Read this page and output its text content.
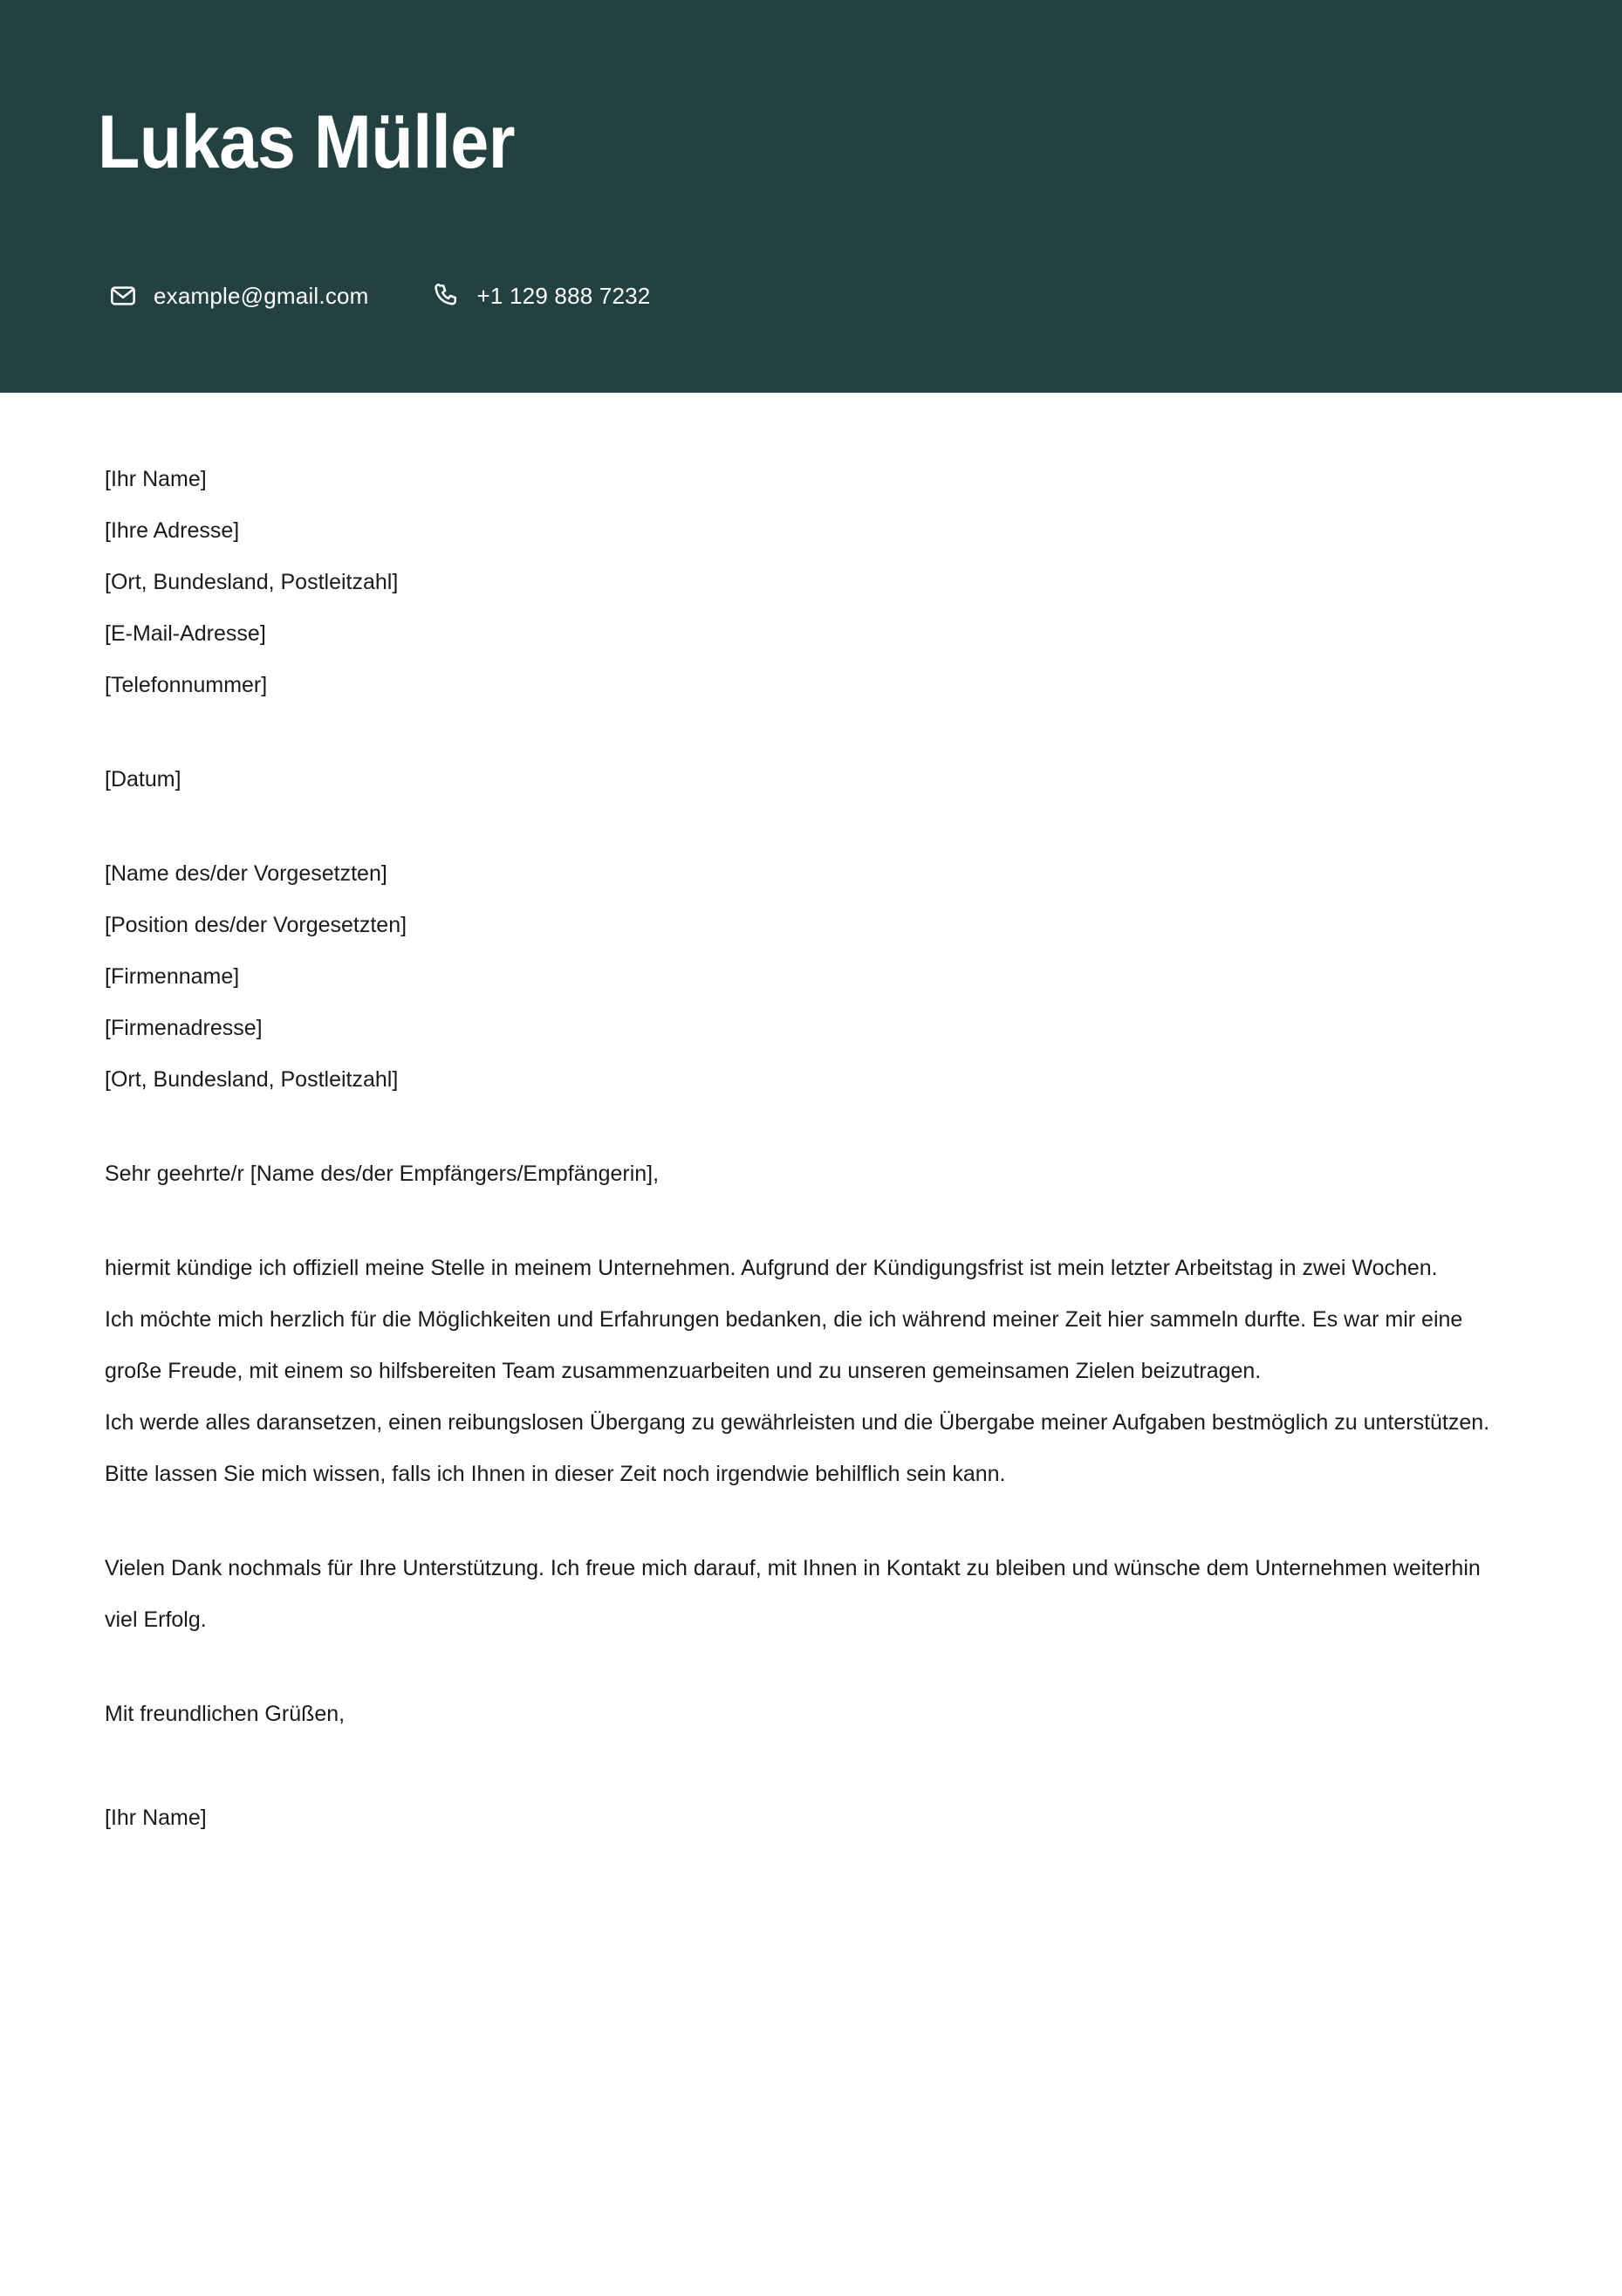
Lukas Müller
example@gmail.com	+1 129 888 7232
[Ihr Name]
[Ihre Adresse]
[Ort, Bundesland, Postleitzahl]
[E-Mail-Adresse]
[Telefonnummer]
[Datum]
[Name des/der Vorgesetzten]
[Position des/der Vorgesetzten]
[Firmenname]
[Firmenadresse]
[Ort, Bundesland, Postleitzahl]
Sehr geehrte/r [Name des/der Empfängers/Empfängerin],
hiermit kündige ich offiziell meine Stelle in meinem Unternehmen. Aufgrund der Kündigungsfrist ist mein letzter Arbeitstag in zwei Wochen.
Ich möchte mich herzlich für die Möglichkeiten und Erfahrungen bedanken, die ich während meiner Zeit hier sammeln durfte. Es war mir eine große Freude, mit einem so hilfsbereiten Team zusammenzuarbeiten und zu unseren gemeinsamen Zielen beizutragen.
Ich werde alles daransetzen, einen reibungslosen Übergang zu gewährleisten und die Übergabe meiner Aufgaben bestmöglich zu unterstützen. Bitte lassen Sie mich wissen, falls ich Ihnen in dieser Zeit noch irgendwie behilflich sein kann.
Vielen Dank nochmals für Ihre Unterstützung. Ich freue mich darauf, mit Ihnen in Kontakt zu bleiben und wünsche dem Unternehmen weiterhin viel Erfolg.
Mit freundlichen Grüßen,
[Ihr Name]
